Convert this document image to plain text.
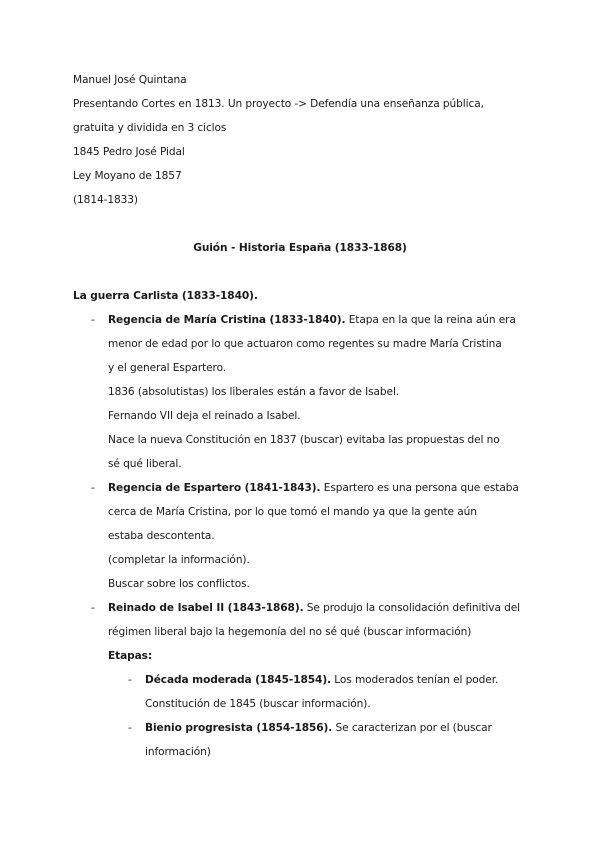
Manuel José Quintana
Presentando Cortes en 1813. Un proyecto -> Defendía una enseñanza pública,
gratuita y dividida en 3 ciclos
1845 Pedro José Pidal
Ley Moyano de 1857
(1814-1833)
Guión - Historia España (1833-1868)
La guerra Carlista (1833-1840).
- Regencia de María Cristina (1833-1840). Etapa en la que la reina aún era
menor de edad por lo que actuaron como regentes su madre María Cristina
y el general Espartero.
1836 (absolutistas) los liberales están a favor de Isabel.
Fernando VII deja el reinado a Isabel.
Nace la nueva Constitución en 1837 (buscar) evitaba las propuestas del no
sé qué liberal.
- Regencia de Espartero (1841-1843). Espartero es una persona que estaba
cerca de María Cristina, por lo que tomó el mando ya que la gente aún
estaba descontenta.
(completar la información).
Buscar sobre los conflictos.
- Reinado de Isabel II (1843-1868). Se produjo la consolidación definitiva del
régimen liberal bajo la hegemonía del no sé qué (buscar información)
Etapas:
- Década moderada (1845-1854). Los moderados tenían el poder.
Constitución de 1845 (buscar información).
- Bienio progresista (1854-1856). Se caracterizan por el (buscar
información)
